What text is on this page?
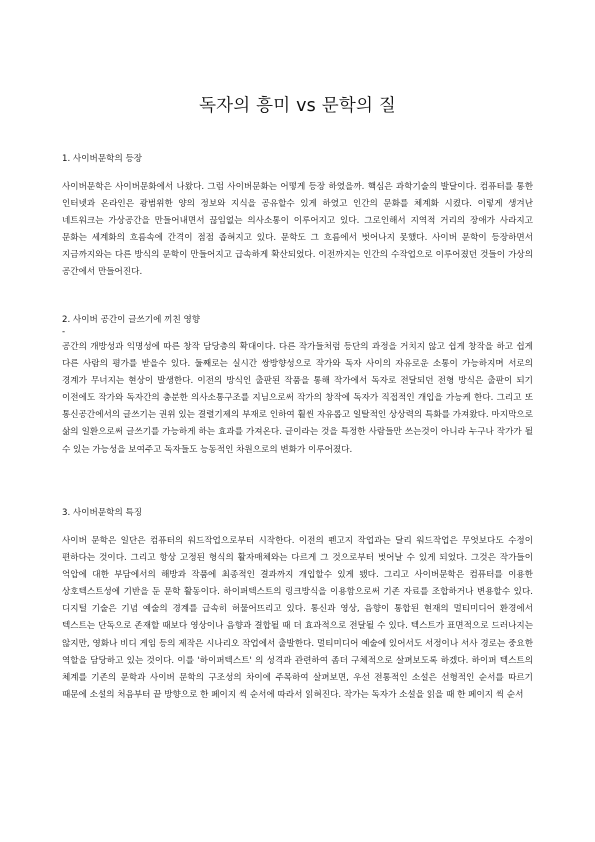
독자의 흥미 vs 문학의 질
1. 사이버문학의 등장

사이버문학은 사이버문화에서 나왔다. 그럼 사이버문화는 어떻게 등장 하였을까. 핵심은 과학기술의 발달이다. 컴퓨터를 통한 인터넷과 온라인은 광범위한 양의 정보와 지식을 공유할수 있게 하였고 인간의 문화를 체계화 시켰다. 이렇게 생겨난 네트워크는 가상공간을 만들어내면서 끊임없는 의사소통이 이루어지고 있다. 그로인해서 지역적 거리의 장애가 사라지고 문화는 세계화의 흐름속에 간격이 점점 좁혀지고 있다. 문학도 그 흐름에서 벗어나지 못했다. 사이버 문학이 등장하면서 지금까지와는 다른 방식의 문학이 만들어지고 급속하게 확산되었다. 이전까지는 인간의 수작업으로 이루어졌던 것들이 가상의 공간에서 만들어진다.

2. 사이버 공간이 글쓰기에 끼친 영향
-

공간의 개방성과 익명성에 따른 창작 담당층의 확대이다. 다른 작가들처럼 등단의 과정을 거치지 않고 쉽게 창작을 하고 쉽게 다른 사람의 평가를 받을수 있다. 둘째로는 실시간 쌍방향성으로 작가와 독자 사이의 자유로운 소통이 가능하지며 서로의 경계가 무너지는 현상이 발생한다. 이전의 방식인 출판된 작품을 통해 작가에서 독자로 전달되던 전형 방식은 출판이 되기 이전에도 작가와 독자간의 충분한 의사소통구조를 지님으로써 작가의 창작에 독자가 직접적인 개입을 가능케 한다. 그리고 또 통신공간에서의 글쓰기는 권위 있는 결렬기제의 부재로 인하여 훨씬 자유롭고 일탈적인 상상력의 특화를 가져왔다. 마지막으로 삶의 일환으로써 글쓰기를 가능하게 하는 효과를 가져온다. 글이라는 것을 특정한 사람들만 쓰는것이 아니라 누구나 작가가 될 수 있는 가능성을 보여주고 독자들도 능동적인 차원으로의 변화가 이루어졌다.

3. 사이버문학의 특징

사이버 문학은 일단은 컴퓨터의 워드작업으로부터 시작한다. 이전의 펜고지 작업과는 달리 워드작업은 무엇보다도 수정이 편하다는 것이다. 그리고 항상 고정된 형식의 활자매체와는 다르게 그 것으로부터 벗어날 수 있게 되었다. 그것은 작가들이 억압에 대한 부담에서의 해방과 작품에 최종적인 결과까지 개입할수 있게 됐다. 그리고 사이버문학은 컴퓨터를 이용한 상호텍스트성에 기반을 둔 문학 활동이다. 하이퍼텍스트의 링크방식을 이용함으로써 기존 자료를 조합하거나 변용할수 있다. 디지털 기술은 기념 예술의 경계를 급속히 허물어뜨리고 있다. 통신과 영상, 음향이 통합된 현재의 멀티미디어 환경에서 텍스트는 단독으로 존재할 때보다 영상이나 음향과 결합될 때 더 효과적으로 전달될 수 있다. 텍스트가 표면적으로 드러나지는 않지만, 영화나 비디 게임 등의 제작은 시나리오 작업에서 출발한다. 멀티미디어 예술에 있어서도 서정이나 서사 경로는 중요한 역할을 담당하고 있는 것이다. 이를 '하이퍼텍스트' 의 성격과 관련하여 좀더 구체적으로 살펴보도록 하겠다. 하이퍼 텍스트의 체계를 기존의 문학과 사이버 문학의 구조성의 차이에 주목하여 살펴보면, 우선 전통적인 소설은 선형적인 순서를 따르기 때문에 소설의 처음부터 끝 방향으로 한 페이지 씩 순서에 따라서 읽혀진다. 작가는 독자가 소설을 읽을 때 한 페이지 씩 순서
